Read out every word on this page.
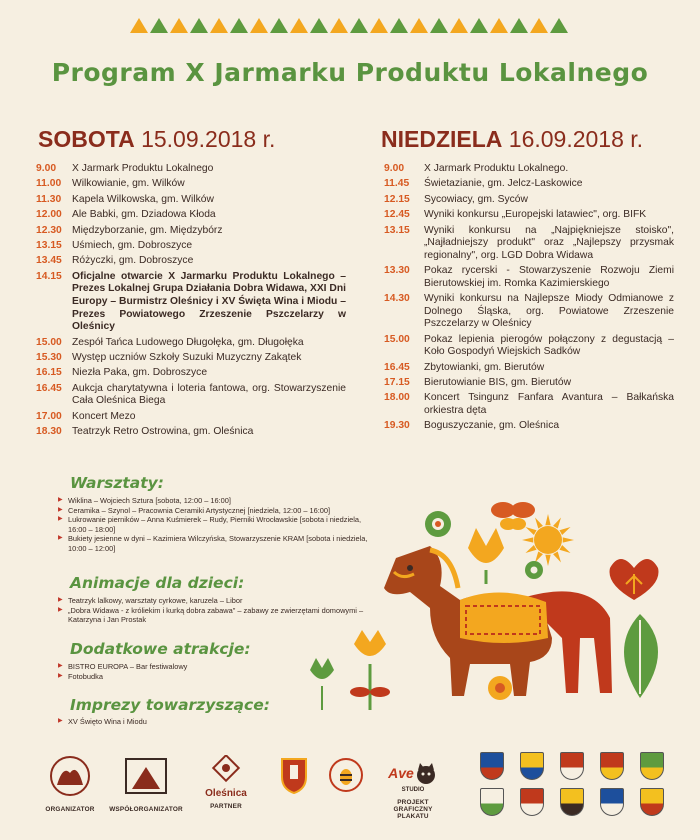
Program X Jarmarku Produktu Lokalnego
SOBOTA 15.09.2018 r.	NIEDZIELA 16.09.2018 r.
9.00	X Jarmark Produktu Lokalnego
11.00	Wilkowianie, gm. Wilków
11.30	Kapela Wilkowska, gm. Wilków
12.00 Ale Babki, gm. Dziadowa Kłoda
12.30 Międzyborzanie, gm. Międzybórz
13.15 Uśmiech, gm. Dobroszyce
13.45 Różyczki, gm. Dobroszyce
14.15 Oficjalne otwarcie X Jarmarku Produktu Lokalnego – Prezes Lokalnej Grupa Działania Dobra Widawa, XXI Dni Europy – Burmistrz Oleśnicy i XV Święta Wina i Miodu – Prezes Powiatowego Zrzeszenie Pszczelarzy w Oleśnicy
15.00 Zespół Tańca Ludowego Długołęka, gm. Długołęka
15.30 Występ uczniów Szkoły Suzuki Muzyczny Zakątek
16.15 Niezła Paka, gm. Dobroszyce
16.45 Aukcja charytatywna i loteria fantowa, org. Stowarzyszenie Cała Oleśnica Biega
17.00 Koncert Mezo
18.30 Teatrzyk Retro Ostrowina, gm. Oleśnica
9.00	X Jarmark Produktu Lokalnego.
11.45	Świetazianie, gm. Jelcz-Laskowice
12.15	Sycowiacy, gm. Syców
12.45	Wyniki konkursu „Europejski latawiec", org. BIFK
13.15	Wyniki konkursu na „Najpiękniejsze stoisko", „Najładniejszy produkt" oraz „Najlepszy przysmak regionalny", org. LGD Dobra Widawa
13.30	Pokaz rycerski - Stowarzyszenie Rozwoju Ziemi Bierutowskiej im. Romka Kazimierskiego
14.30	Wyniki konkursu na Najlepsze Miody Odmianowe z Dolnego Śląska, org. Powiatowe Zrzeszenie Pszczelarzy w Oleśnicy
15.00	Pokaz lepienia pierogów połączony z degustacją – Koło Gospodyń Wiejskich Sadków
16.45	Zbytowianki, gm. Bierutów
17.15	Bierutowianie BIS, gm. Bierutów
18.00	Koncert Tsingunz Fanfara Avantura – Bałkańska orkiestra dęta
19.30	Boguszyczanie, gm. Oleśnica
Warsztaty:
▶ Wiklina – Wojciech Sztura [sobota, 12:00 – 16:00]
▶ Ceramika – Szynol – Pracownia Ceramiki Artystycznej [niedziela, 12:00 – 16:00]
▶ Lukrowanie pierników – Anna Kuśmierek – Rudy, Pierniki Wrocławskie [sobota i niedziela, 16:00 – 18:00]
▶ Bukiety jesienne w dyni – Kazimiera Wilczyńska, Stowarzyszenie KRAM [sobota i niedziela, 10:00 – 12:00]
Animacje dla dzieci:
▶ Teatrzyk lalkowy, warsztaty cyrkowe, karuzela – Libor
▶ „Dobra Widawa - z króliekim i kurką dobra zabawa" – zabawy ze zwierzętami domowymi – Katarzyna i Jan Prostak
Dodatkowe atrakcje:
▶ BISTRO EUROPA – Bar festiwalowy
▶ Fotobudka
Imprezy towarzyszące:
▶ XV Święto Wina i Miodu
ORGANIZATOR	WSPÓŁORGANIZATOR
Oleśnica
PARTNER
Ave
STUDIO
PROJEKT GRAFICZNY PLAKATU
